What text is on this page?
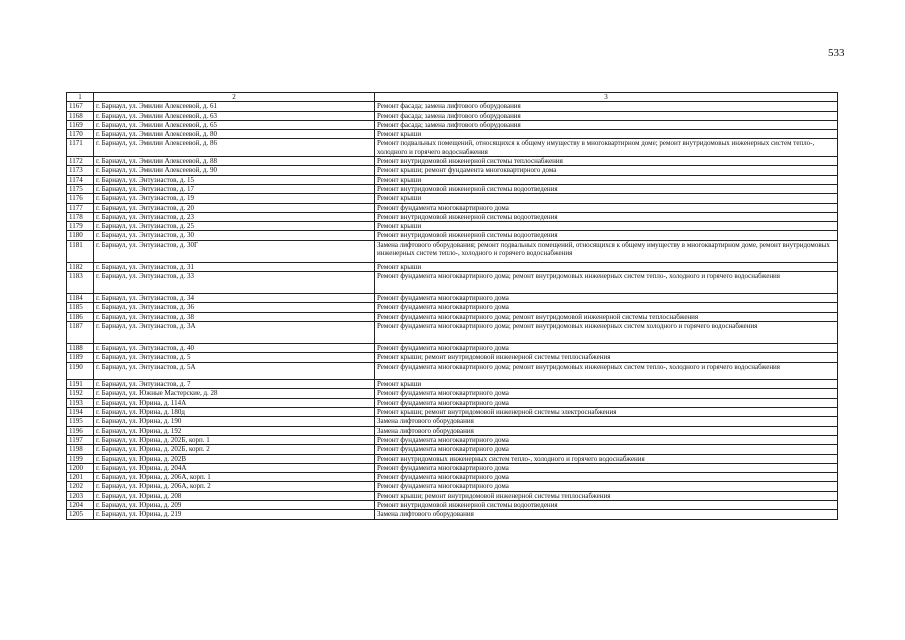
533
1	2	3
1167	г. Барнаул, ул. Эмилии Алексеевой, д. 61	Ремонт фасада; замена лифтового оборудования
1168	г. Барнаул, ул. Эмилии Алексеевой, д. 63	Ремонт фасада; замена лифтового оборудования
1169	г. Барнаул, ул. Эмилии Алексеевой, д. 65	Ремонт фасада; замена лифтового оборудования
1170	г. Барнаул, ул. Эмилии Алексеевой, д. 80	Ремонт крыши
1171	г. Барнаул, ул. Эмилии Алексеевой, д. 86	Ремонт подвальных помещений, относящихся к общему имуществу в многоквартирном доме; ремонт внутридомовых инженерных систем тепло-, холодного и горячего водоснабжения
1172	г. Барнаул, ул. Эмилии Алексеевой, д. 88	Ремонт внутридомовой инженерной системы теплоснабжения
1173	г. Барнаул, ул. Эмилии Алексеевой, д. 90	Ремонт крыши; ремонт фундамента многоквартирного дома
1174	г. Барнаул, ул. Энтузиастов, д. 15	Ремонт крыши
1175	г. Барнаул, ул. Энтузиастов, д. 17	Ремонт внутридомовой инженерной системы водоотведения
1176	г. Барнаул, ул. Энтузиастов, д. 19	Ремонт крыши
1177	г. Барнаул, ул. Энтузиастов, д. 20	Ремонт фундамента многоквартирного дома
1178	г. Барнаул, ул. Энтузиастов, д. 23	Ремонт внутридомовой инженерной системы водоотведения
1179	г. Барнаул, ул. Энтузиастов, д. 25	Ремонт крыши
1180	г. Барнаул, ул. Энтузиастов, д. 30	Ремонт внутридомовой инженерной системы водоотведения
1181	г. Барнаул, ул. Энтузиастов, д. 30Г	Замена лифтового оборудования; ремонт подвальных помещений, относящихся к общему имуществу в многоквартирном доме, ремонт внутридомовых инженерных систем тепло-, холодного и горячего водоснабжения
1182	г. Барнаул, ул. Энтузиастов, д. 31	Ремонт крыши
1183	г. Барнаул, ул. Энтузиастов, д. 33	Ремонт фундамента многоквартирного дома; ремонт внутридомовых инженерных систем тепло-, холодного и горячего водоснабжения
1184	г. Барнаул, ул. Энтузиастов, д. 34	Ремонт фундамента многоквартирного дома
1185	г. Барнаул, ул. Энтузиастов, д. 36	Ремонт фундамента многоквартирного дома
1186	г. Барнаул, ул. Энтузиастов, д. 38	Ремонт фундамента многоквартирного дома; ремонт внутридомовой инженерной системы теплоснабжения
1187	г. Барнаул, ул. Энтузиастов, д. 3А	Ремонт фундамента многоквартирного дома; ремонт внутридомовых инженерных систем холодного и горячего водоснабжения
1188	г. Барнаул, ул. Энтузиастов, д. 40	Ремонт фундамента многоквартирного дома
1189	г. Барнаул, ул. Энтузиастов, д. 5	Ремонт крыши; ремонт внутридомовой инженерной системы теплоснабжения
1190	г. Барнаул, ул. Энтузиастов, д. 5А	Ремонт фундамента многоквартирного дома; ремонт внутридомовых инженерных систем тепло-, холодного и горячего водоснабжения
1191	г. Барнаул, ул. Энтузиастов, д. 7	Ремонт крыши
1192	г. Барнаул, ул. Южные Мастерские, д. 28	Ремонт фундамента многоквартирного дома
1193	г. Барнаул, ул. Юрина, д. 114А	Ремонт фундамента многоквартирного дома
1194	г. Барнаул, ул. Юрина, д. 180д	Ремонт крыши; ремонт внутридомовой инженерной системы электроснабжения
1195	г. Барнаул, ул. Юрина, д. 190	Замена лифтового оборудования
1196	г. Барнаул, ул. Юрина, д. 192	Замена лифтового оборудования
1197	г. Барнаул, ул. Юрина, д. 202Б, корп. 1	Ремонт фундамента многоквартирного дома
1198	г. Барнаул, ул. Юрина, д. 202Б, корп. 2	Ремонт фундамента многоквартирного дома
1199	г. Барнаул, ул. Юрина, д. 202В	Ремонт внутридомовых инженерных систем тепло-, холодного и горячего водоснабжения
1200	г. Барнаул, ул. Юрина, д. 204А	Ремонт фундамента многоквартирного дома
1201	г. Барнаул, ул. Юрина, д. 206А, корп. 1	Ремонт фундамента многоквартирного дома
1202	г. Барнаул, ул. Юрина, д. 206А, корп. 2	Ремонт фундамента многоквартирного дома
1203	г. Барнаул, ул. Юрина, д. 208	Ремонт крыши; ремонт внутридомовой инженерной системы теплоснабжения
1204	г. Барнаул, ул. Юрина, д. 209	Ремонт внутридомовой инженерной системы водоотведения
1205	г. Барнаул, ул. Юрина, д. 219	Замена лифтового оборудования
